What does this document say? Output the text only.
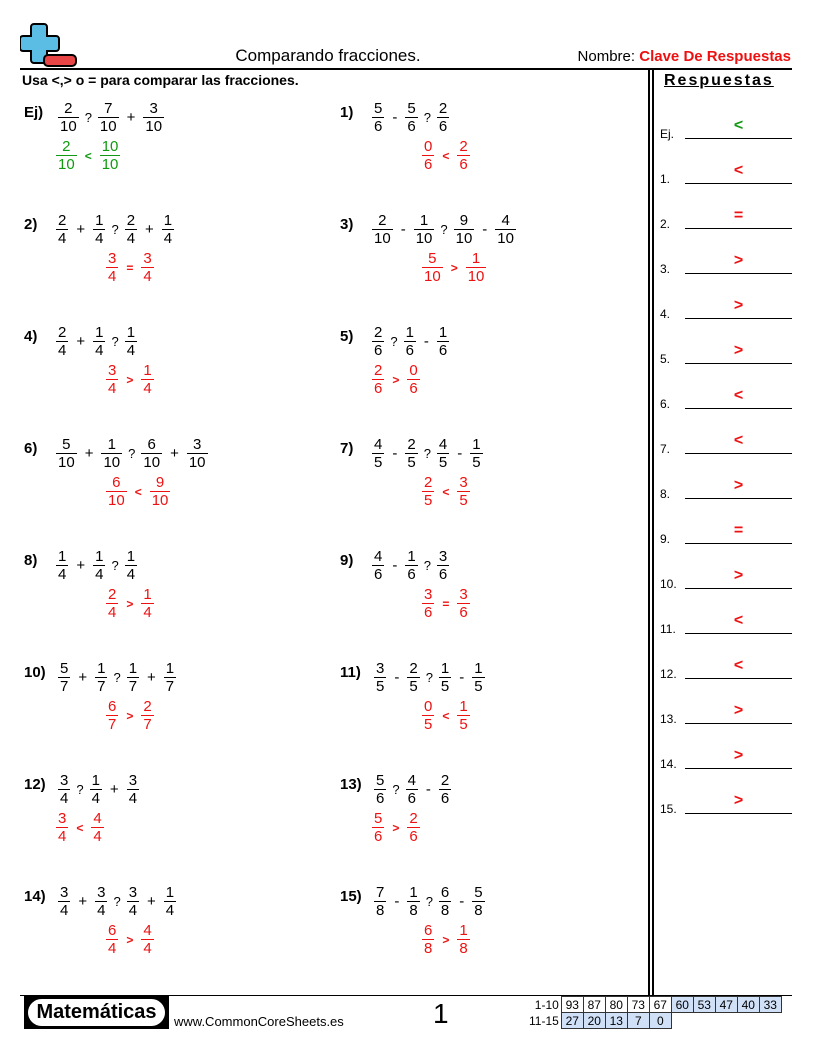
Comparando fracciones.	Nombre: Clave De Respuestas
Usa <,> o = para comparar las fracciones.
$Ej) \frac{2}{10}$ ? $\frac{7}{10} + \frac{3}{10}$
$\frac{2}{10} < \frac{10}{10}$
$1) \frac{5}{6} - \frac{5}{6}$ ? $\frac{2}{6}$
$\frac{0}{6} < \frac{2}{6}$
$2) \frac{2}{4} + \frac{1}{4}$ ? $\frac{2}{4} + \frac{1}{4}$
$\frac{3}{4} = \frac{3}{4}$
$3) \frac{2}{10} - \frac{1}{10}$ ? $\frac{9}{10} - \frac{4}{10}$
$\frac{5}{10} > \frac{1}{10}$
$4) \frac{2}{4} + \frac{1}{4}$ ? $\frac{1}{4}$
$\frac{3}{4} > \frac{1}{4}$
$5) \frac{2}{6}$ ? $\frac{1}{6} - \frac{1}{6}$
$\frac{2}{6} > \frac{0}{6}$
$6) \frac{5}{10} + \frac{1}{10}$ ? $\frac{6}{10} + \frac{3}{10}$
$\frac{6}{10} < \frac{9}{10}$
$7) \frac{4}{5} - \frac{2}{5}$ ? $\frac{4}{5} - \frac{1}{5}$
$\frac{2}{5} < \frac{3}{5}$
$8) \frac{1}{4} + \frac{1}{4}$ ? $\frac{1}{4}$
$\frac{2}{4} > \frac{1}{4}$
$9) \frac{4}{6} - \frac{1}{6}$ ? $\frac{3}{6}$
$\frac{3}{6} = \frac{3}{6}$
$10) \frac{5}{7} + \frac{1}{7}$ ? $\frac{1}{7} + \frac{1}{7}$
$\frac{6}{7} > \frac{2}{7}$
$11) \frac{3}{5} - \frac{2}{5}$ ? $\frac{1}{5} - \frac{1}{5}$
$\frac{0}{5} < \frac{1}{5}$
$12) \frac{3}{4}$ ? $\frac{1}{4} + \frac{3}{4}$
$\frac{3}{4} < \frac{4}{4}$
$13) \frac{5}{6}$ ? $\frac{4}{6} - \frac{2}{6}$
$\frac{5}{6} > \frac{2}{6}$
$14) \frac{3}{4} + \frac{3}{4}$ ? $\frac{3}{4} + \frac{1}{4}$
$\frac{6}{4} > \frac{4}{4}$
$15) \frac{7}{8} - \frac{1}{8}$ ? $\frac{6}{8} - \frac{5}{8}$
$\frac{6}{8} > \frac{1}{8}$
Respuestas
Ej.	<
1.	<
2.	=
3.	>
4.	>
5.	>
6.	<
7.	<
8.	>
9.	=
10.	>
11.	<
12.	<
13.	>
14.	>
15.	>
Matemáticas	www.CommonCoreSheets.es	1	1-10	93	87	80	73	67	60	53	47	40	33
11-15	27	20	13	7	0					
